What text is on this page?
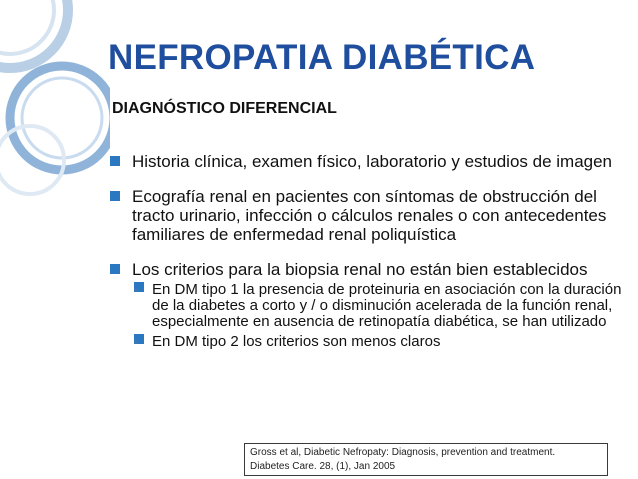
NEFROPATIA DIABÉTICA
DIAGNÓSTICO DIFERENCIAL
Historia clínica, examen físico, laboratorio y estudios de imagen
Ecografía renal en pacientes con síntomas de obstrucción del tracto urinario, infección o cálculos renales o con antecedentes familiares de enfermedad renal poliquística
Los criterios para la biopsia renal no están bien establecidos
◦ En DM tipo 1 la presencia de proteinuria en asociación con la duración de la diabetes a corto y / o disminución acelerada de la función renal, especialmente en ausencia de retinopatía diabética, se han utilizado
◦ En DM tipo 2 los criterios son menos claros
Gross et al, Diabetic Nefropaty: Diagnosis, prevention and treatment.
Diabetes Care. 28, (1), Jan 2005
